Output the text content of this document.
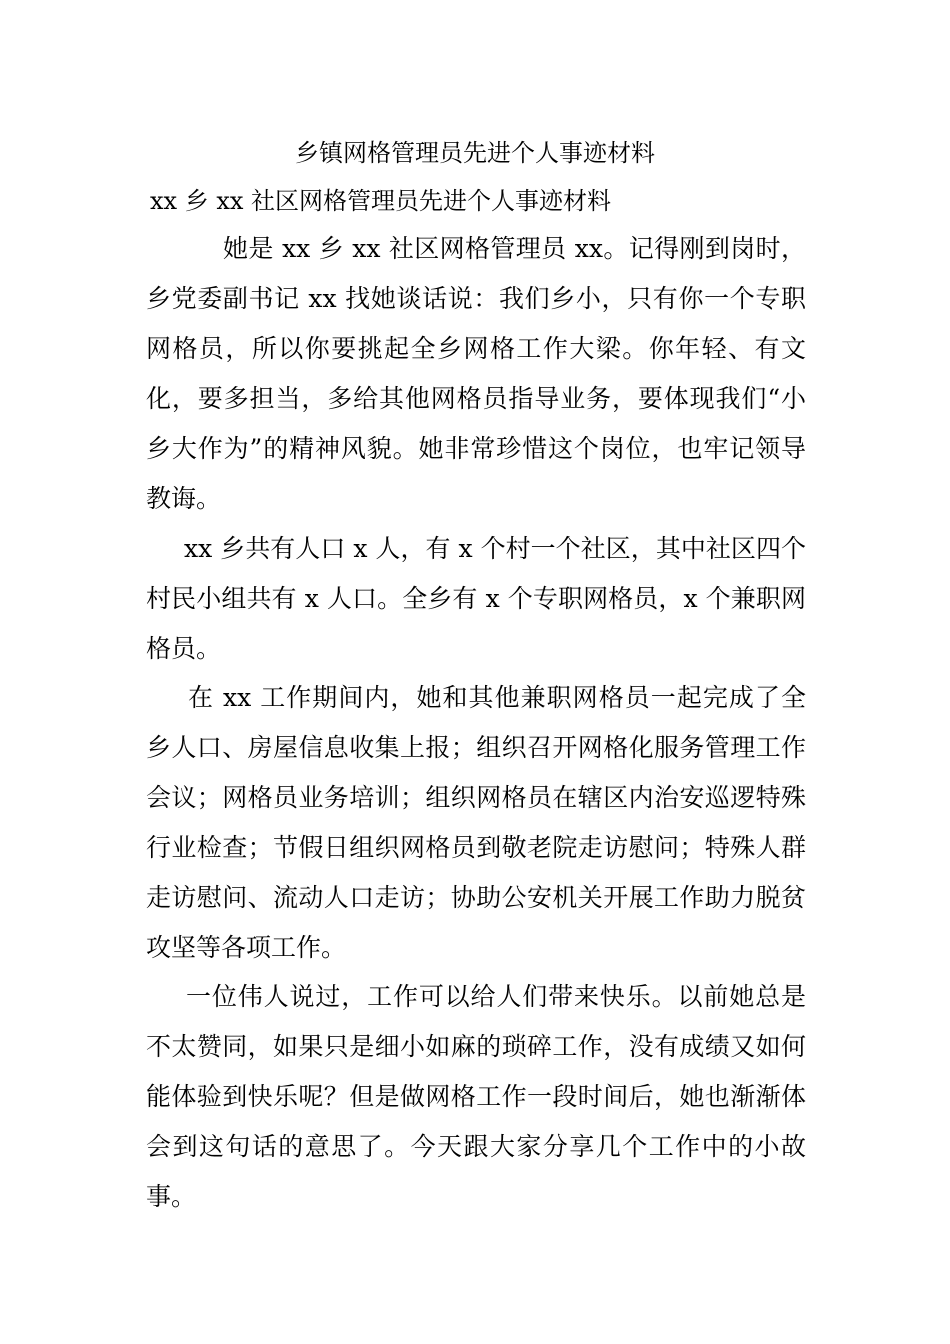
乡镇网格管理员先进个人事迹材料
xx 乡 xx 社区网格管理员先进个人事迹材料

她是 xx 乡 xx 社区网格管理员 xx。记得刚到岗时，乡党委副书记 xx 找她谈话说：我们乡小，只有你一个专职网格员，所以你要挑起全乡网格工作大梁。你年轻、有文化，要多担当，多给其他网格员指导业务，要体现我们“小乡大作为”的精神风貌。她非常珍惜这个岗位，也牢记领导教诲。

xx 乡共有人口 x 人，有 x 个村一个社区，其中社区四个村民小组共有 x 人口。全乡有 x 个专职网格员，x 个兼职网格员。

在 xx 工作期间内，她和其他兼职网格员一起完成了全乡人口、房屋信息收集上报；组织召开网格化服务管理工作会议；网格员业务培训；组织网格员在辖区内治安巡逻特殊行业检查；节假日组织网格员到敬老院走访慰问；特殊人群走访慰问、流动人口走访；协助公安机关开展工作助力脱贫攻坚等各项工作。

一位伟人说过，工作可以给人们带来快乐。以前她总是不太赞同，如果只是细小如麻的琐碎工作，没有成绩又如何能体验到快乐呢？但是做网格工作一段时间后，她也渐渐体会到这句话的意思了。今天跟大家分享几个工作中的小故事。
